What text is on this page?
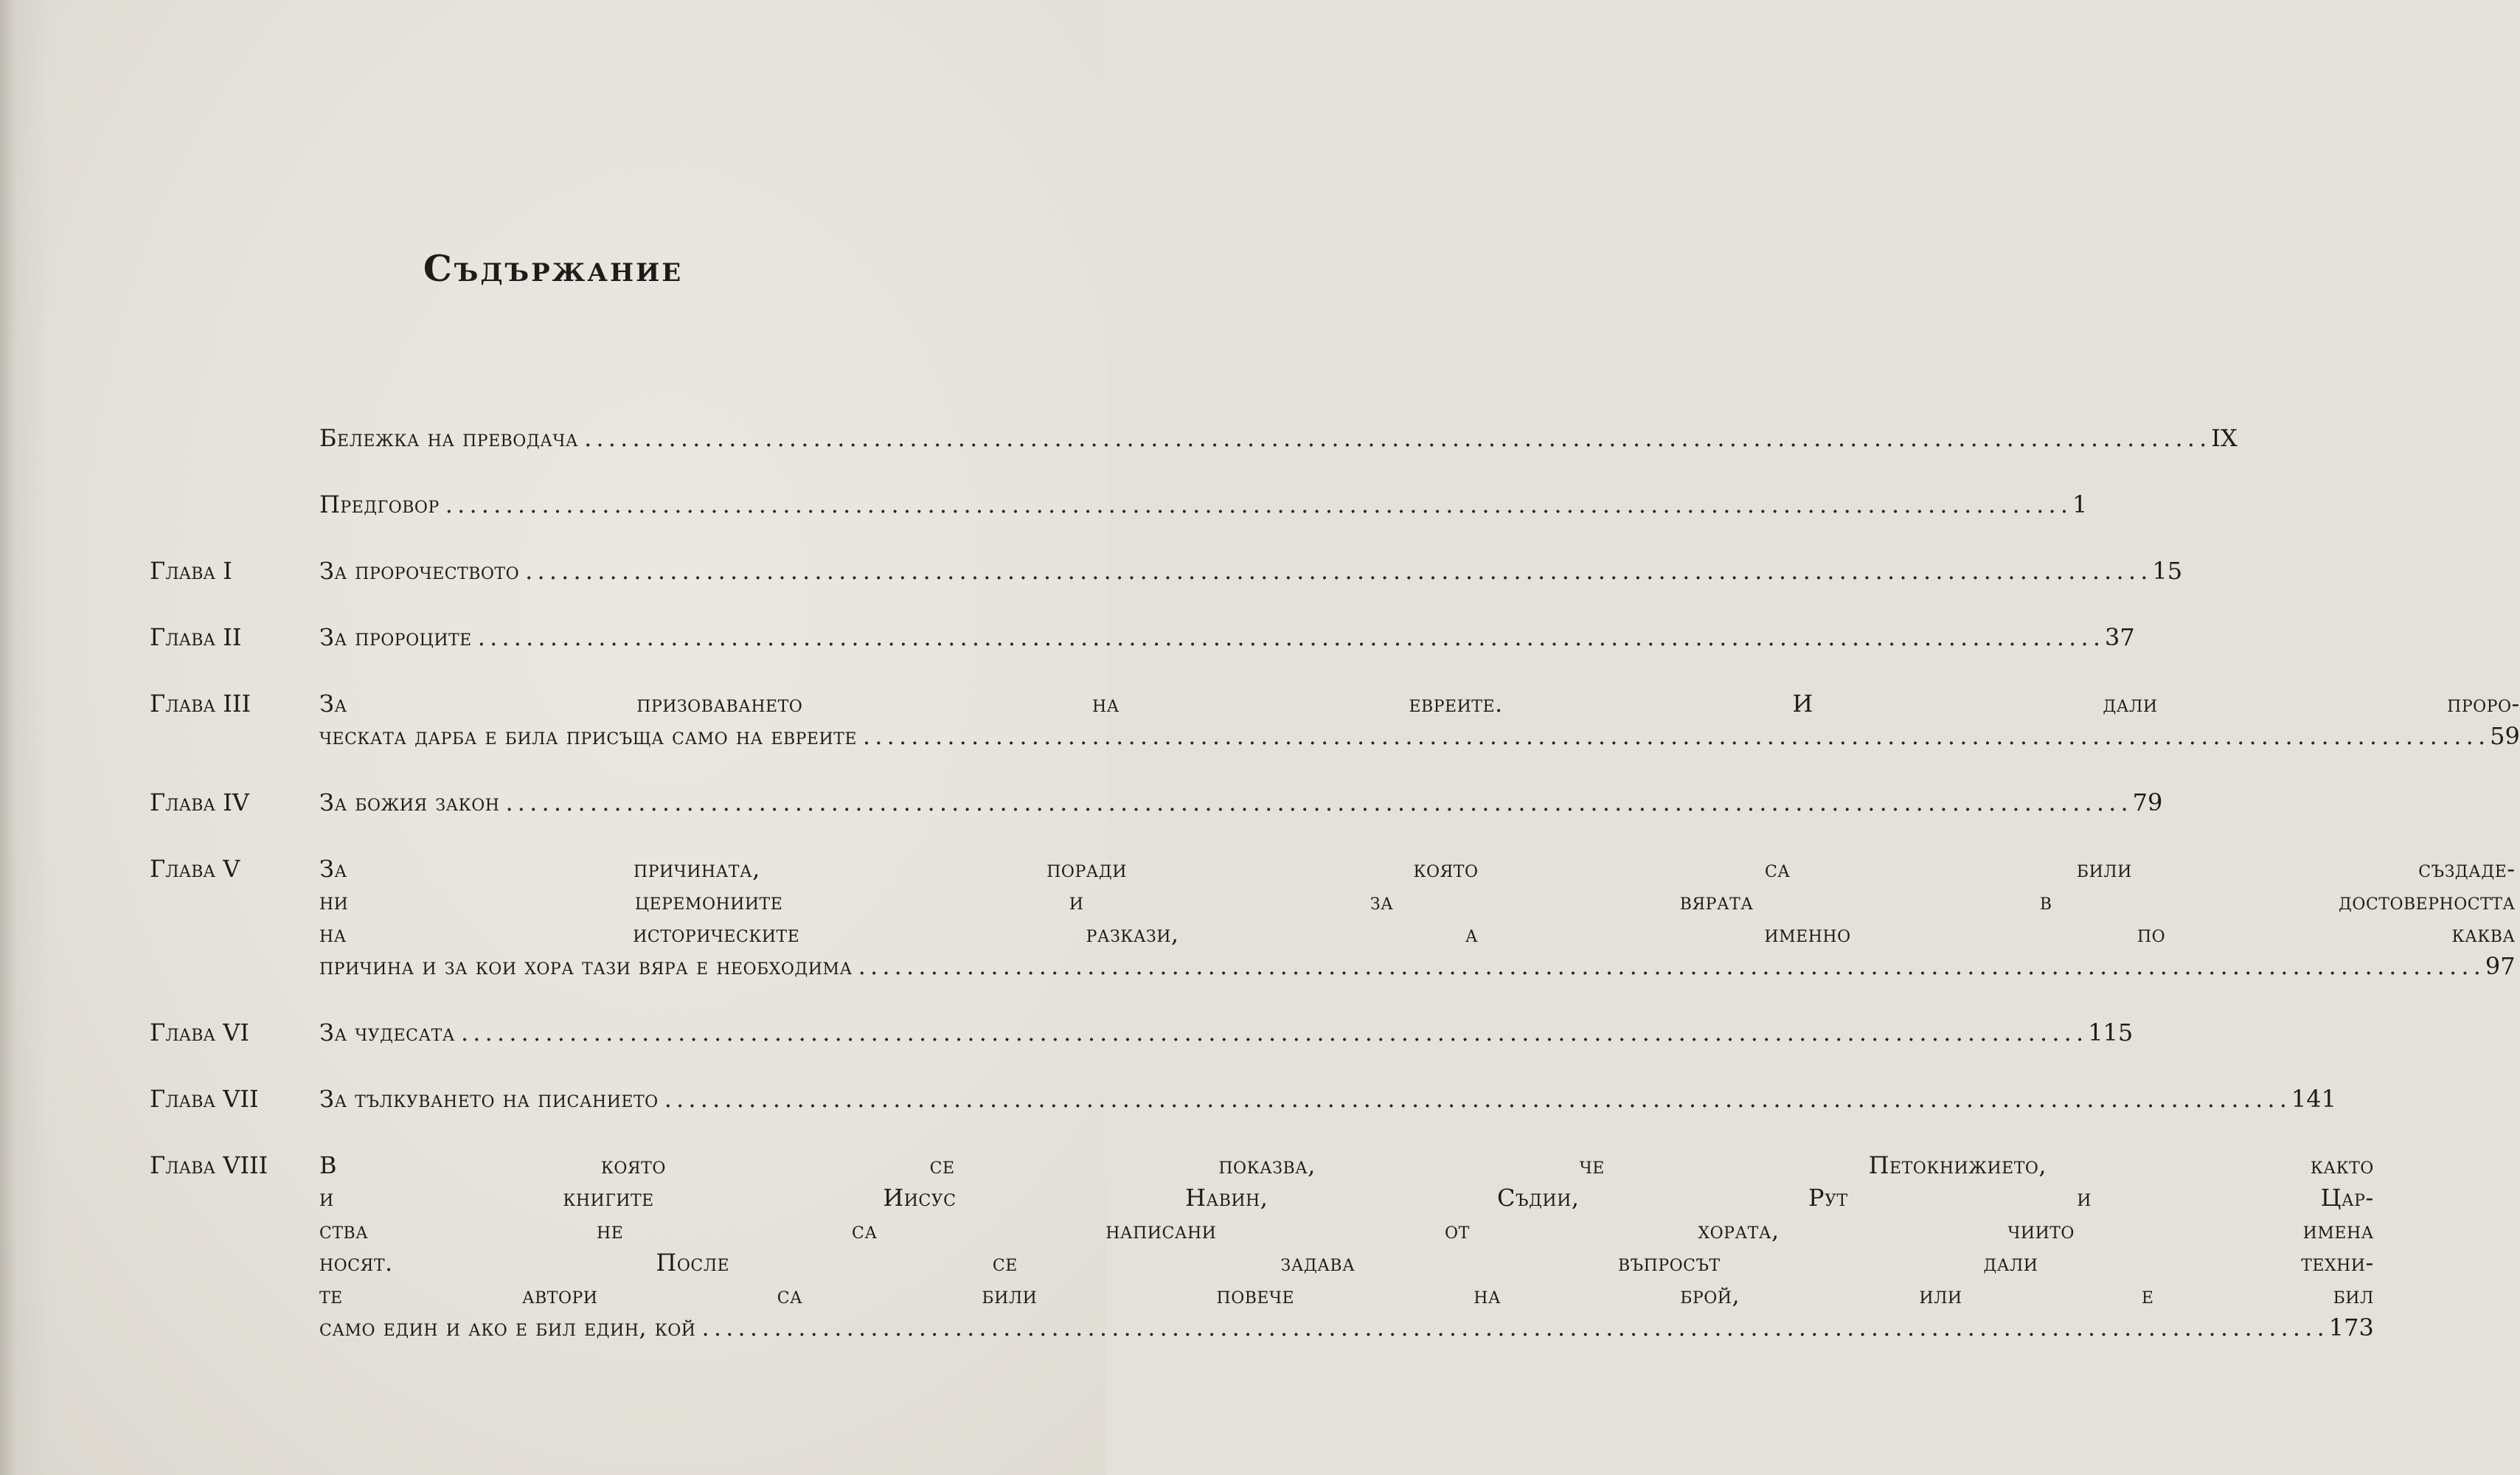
Съдържание
Бележка на преводача . . .	IX
Предговор . . .	1
Глава I	За пророчеството . . .	15
Глава II	За пророците . . .	37
Глава III	За призоваването на евреите. И дали проро-
ческата дарба е била присъща само на евреите . . .	59
Глава IV	За божия закон . . .	79
Глава V	За причината, поради която са били създаде-
ни церемониите и за вярата в достоверността
на историческите разкази, а именно по каква
причина и за кои хора тази вяра е необходима . . .	97
Глава VI	За чудесата . . .	115
Глава VII	За тълкуването на писанието . . .	141
Глава VIII	В която се показва, че Петокнижието, както
и книгите Иисус Навин, Съдии, Рут и Цар-
ства не са написани от хората, чиито имена
носят. После се задава въпросът дали техни-
те автори са били повече на брой, или е бил
само един и ако е бил един, кой . . .	173
